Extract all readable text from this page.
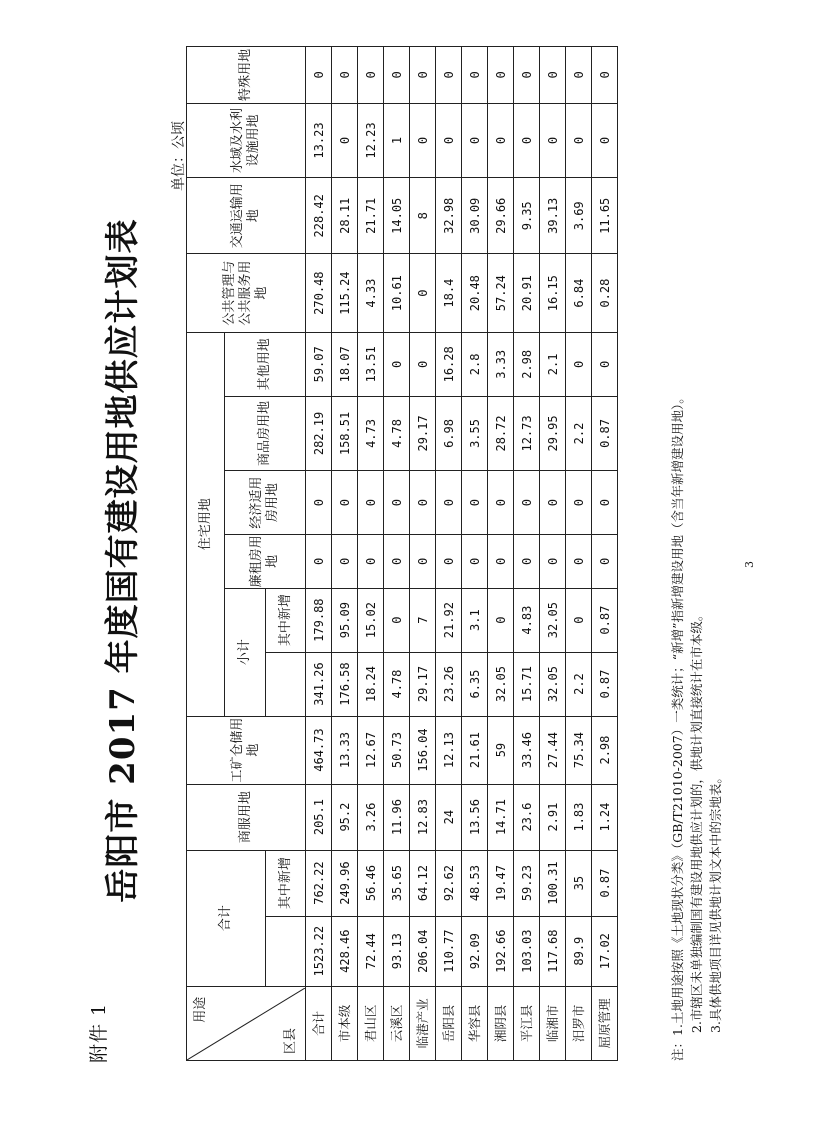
附件 1
岳阳市 2017 年度国有建设用地供应计划表
单位：公顷
用途
区县	合计		商服用地	工矿仓储用地	住宅用地						公共管理与公共服务用地	交通运输用地	水域及水利设施用地	特殊用地
					小计		廉租房用地	经济适用房用地	商品房用地	其他用地				
		其中新增				其中新增								
合计	1523.22	762.22	205.1	464.73	341.26	179.88	0	0	282.19	59.07	270.48	228.42	13.23	0
市本级	428.46	249.96	95.2	13.33	176.58	95.09	0	0	158.51	18.07	115.24	28.11	0	0
君山区	72.44	56.46	3.26	12.67	18.24	15.02	0	0	4.73	13.51	4.33	21.71	12.23	0
云溪区	93.13	35.65	11.96	50.73	4.78	0	0	0	4.78	0	10.61	14.05	1	0
临港产业	206.04	64.12	12.83	156.04	29.17	7	0	0	29.17	0	0	8	0	0
岳阳县	110.77	92.62	24	12.13	23.26	21.92	0	0	6.98	16.28	18.4	32.98	0	0
华容县	92.09	48.53	13.56	21.61	6.35	3.1	0	0	3.55	2.8	20.48	30.09	0	0
湘阴县	192.66	19.47	14.71	59	32.05	0	0	0	28.72	3.33	57.24	29.66	0	0
平江县	103.03	59.23	23.6	33.46	15.71	4.83	0	0	12.73	2.98	20.91	9.35	0	0
临湘市	117.68	100.31	2.91	27.44	32.05	32.05	0	0	29.95	2.1	16.15	39.13	0	0
汨罗市	89.9	35	1.83	75.34	2.2	0	0	0	2.2	0	6.84	3.69	0	0
屈原管理	17.02	0.87	1.24	2.98	0.87	0.87	0	0	0.87	0	0.28	11.65	0	0
注：1.土地用途按照《土地现状分类》（GB/T21010-2007）一类统计；“新增”指新增建设用地（含当年新增建设用地）。 2.市辖区未单独编制国有建设用地供应计划的，供地计划直接统计在市本级。 3.具体供地项目详见供地计划文本中的宗地表。
3
